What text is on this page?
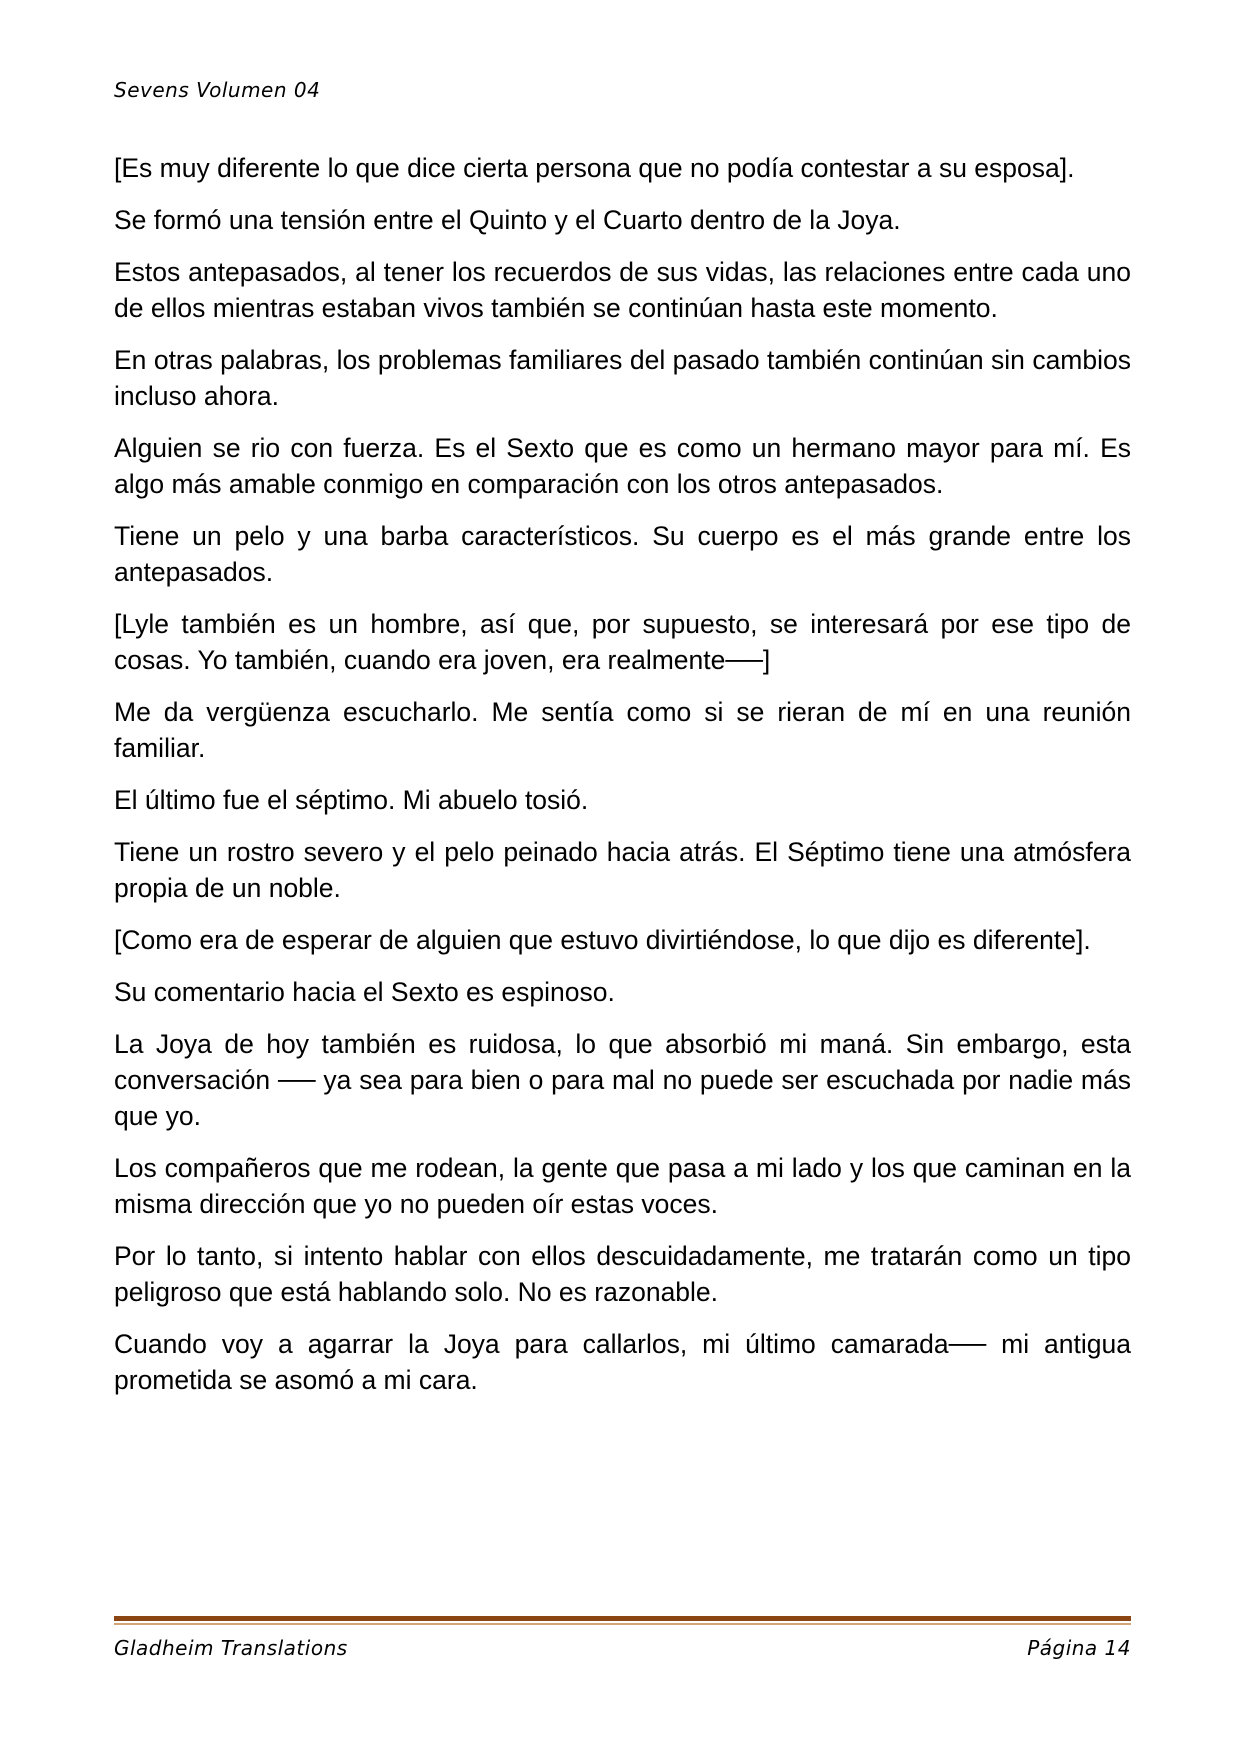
Sevens Volumen 04

[Es muy diferente lo que dice cierta persona que no podía contestar a su esposa].

Se formó una tensión entre el Quinto y el Cuarto dentro de la Joya.

Estos antepasados, al tener los recuerdos de sus vidas, las relaciones entre cada uno de ellos mientras estaban vivos también se continúan hasta este momento.

En otras palabras, los problemas familiares del pasado también continúan sin cambios incluso ahora.

Alguien se rio con fuerza. Es el Sexto que es como un hermano mayor para mí. Es algo más amable conmigo en comparación con los otros antepasados.

Tiene un pelo y una barba característicos. Su cuerpo es el más grande entre los antepasados.

[Lyle también es un hombre, así que, por supuesto, se interesará por ese tipo de cosas. Yo también, cuando era joven, era realmente──]

Me da vergüenza escucharlo. Me sentía como si se rieran de mí en una reunión familiar.

El último fue el séptimo. Mi abuelo tosió.

Tiene un rostro severo y el pelo peinado hacia atrás. El Séptimo tiene una atmósfera propia de un noble.

[Como era de esperar de alguien que estuvo divirtiéndose, lo que dijo es diferente].

Su comentario hacia el Sexto es espinoso.

La Joya de hoy también es ruidosa, lo que absorbió mi maná. Sin embargo, esta conversación ── ya sea para bien o para mal no puede ser escuchada por nadie más que yo.

Los compañeros que me rodean, la gente que pasa a mi lado y los que caminan en la misma dirección que yo no pueden oír estas voces.

Por lo tanto, si intento hablar con ellos descuidadamente, me tratarán como un tipo peligroso que está hablando solo. No es razonable.

Cuando voy a agarrar la Joya para callarlos, mi último camarada── mi antigua prometida se asomó a mi cara.

Gladheim Translations	Página 14
